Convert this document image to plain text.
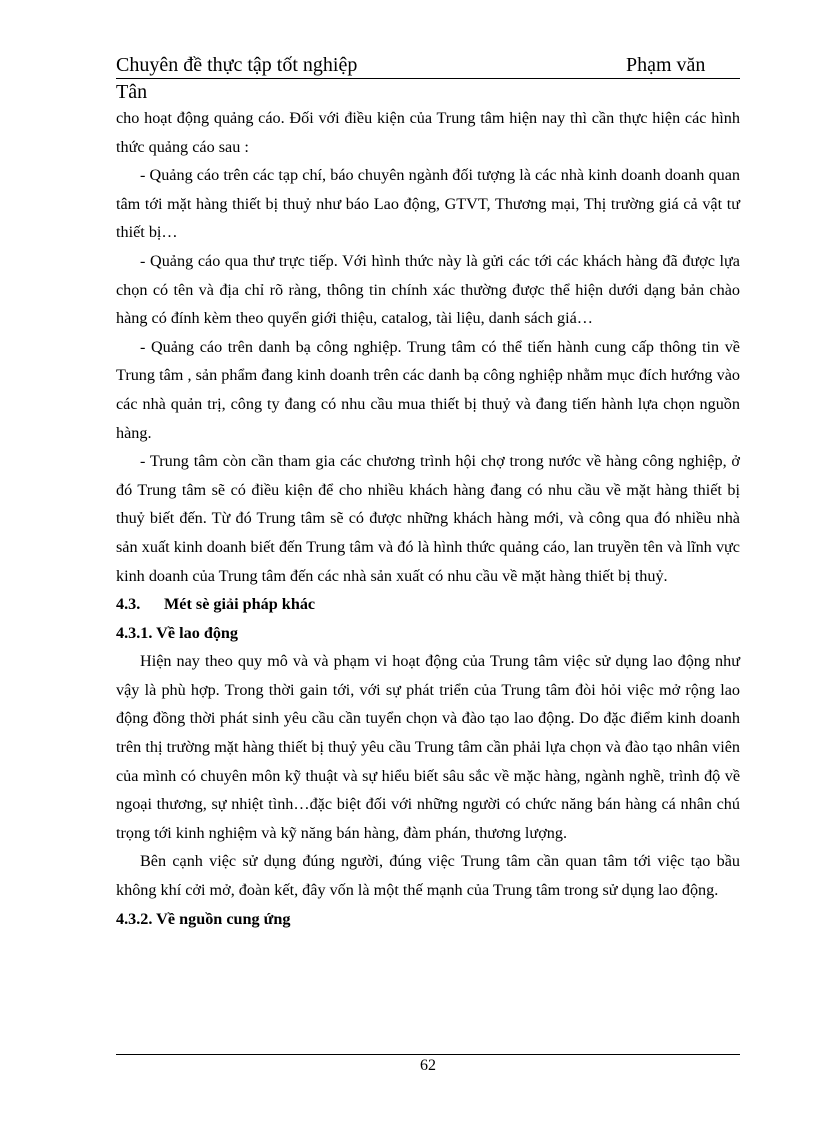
Chuyên đề thực tập tốt nghiệp	Phạm văn
Tân

cho hoạt động quảng cáo. Đối với điều kiện của Trung tâm hiện nay thì cần thực hiện các hình thức quảng cáo sau :

- Quảng cáo trên các tạp chí, báo chuyên ngành đối tượng là các nhà kinh doanh doanh quan tâm tới mặt hàng thiết bị thuỷ như báo Lao động, GTVT, Thương mại, Thị trường giá cả vật tư thiết bị…

- Quảng cáo qua thư trực tiếp. Với hình thức này là gửi các tới các khách hàng đã được lựa chọn có tên và địa chỉ rõ ràng, thông tin chính xác thường được thể hiện dưới dạng bản chào hàng có đính kèm theo quyển giới thiệu, catalog, tài liệu, danh sách giá…

- Quảng cáo trên danh bạ công nghiệp. Trung tâm có thể tiến hành cung cấp thông tin về Trung tâm , sản phẩm đang kinh doanh trên các danh bạ công nghiệp nhằm mục đích hướng vào các nhà quản trị, công ty đang có nhu cầu mua thiết bị thuỷ và đang tiến hành lựa chọn nguồn hàng.

- Trung tâm còn cần tham gia các chương trình hội chợ trong nước về hàng công nghiệp, ở đó Trung tâm sẽ có điều kiện để cho nhiều khách hàng đang có nhu cầu về mặt hàng thiết bị thuỷ biết đến. Từ đó Trung tâm sẽ có được những khách hàng mới, và công qua đó nhiều nhà sản xuất kinh doanh biết đến Trung tâm và đó là hình thức quảng cáo, lan truyền tên và lĩnh vực kinh doanh của Trung tâm đến các nhà sản xuất có nhu cầu về mặt hàng thiết bị thuỷ.

4.3. Mét sè giải pháp khác
4.3.1. Về lao động

Hiện nay theo quy mô và và phạm vi hoạt động của Trung tâm việc sử dụng lao động như vậy là phù hợp. Trong thời gain tới, với sự phát triển của Trung tâm đòi hỏi việc mở rộng lao động đồng thời phát sinh yêu cầu cần tuyển chọn và đào tạo lao động. Do đặc điểm kinh doanh trên thị trường mặt hàng thiết bị thuỷ yêu cầu Trung tâm cần phải lựa chọn và đào tạo nhân viên của mình có chuyên môn kỹ thuật và sự hiểu biết sâu sắc về mặc hàng, ngành nghề, trình độ về ngoại thương, sự nhiệt tình…đặc biệt đối với những người có chức năng bán hàng cá nhân chú trọng tới kinh nghiệm và kỹ năng bán hàng, đàm phán, thương lượng.

Bên cạnh việc sử dụng đúng người, đúng việc Trung tâm cần quan tâm tới việc tạo bầu không khí cởi mở, đoàn kết, đây vốn là một thế mạnh của Trung tâm trong sử dụng lao động.

4.3.2. Về nguồn cung ứng
62
